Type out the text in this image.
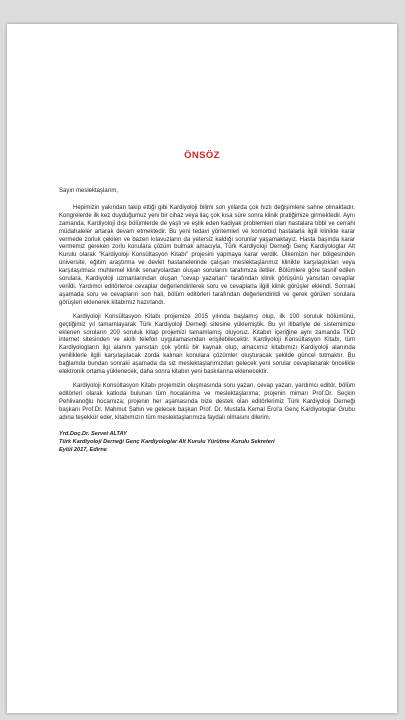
ÖNSÖZ

Sayın meslektaşlarım,

Hepimizin yakından takip ettiği gibi Kardiyoloji bilimi son yıllarda çok hızlı değişimlere sahne olmaktadır. Kongrelerde ilk kez duyduğumuz yeni bir cihaz veya ilaç çok kısa süre sonra klinik pratiğimize girmektedir. Aynı zamanda, Kardiyoloji dışı bölümlerde de yaşlı ve eşlik eden kadiyak problemleri olan hastalara tıbbi ve cerrahi müdahaleler artarak devam etmektedir. Bu yeni tedavi yöntemleri ve komorbid hastalarla ilgili klinikte karar vermede zorluk çekilen ve bazen kılavuzların da yetersiz kaldığı sorunlar yaşamaktayız. Hasta başında karar vermemiz gereken zorlu konulara çözüm bulmak amacıyla, Türk Kardiyoloji Derneği Genç Kardiyologlar Alt Kurulu olarak "Kardiyoloji Konsültasyon Kitabı" projesini yapmaya karar verdik. Ülkemizin her bölgesinden üniversite, eğitim araştırma ve devlet hastanelerinde çalışan meslektaşlarımız klinikte karşılaştıkları veya karşılaşılması muhtemel klinik senaryolardan oluşan sorularını tarafımıza iletiler. Bölümlere göre tasnif edilen sorulara, Kardiyoloji uzmanlarından oluşan "cevap yazarları" tarafından klinik görüşünü yansıtan cevaplar verildi. Yardımcı editörlerce cevaplar değerlendirilerek soru ve cevaplarla ilgili klinik görüşler eklendi. Sonraki aşamada soru ve cevapların son hali, bölüm editörleri tarafından değerlendirildi ve gerek görülen sorulara görüşleri eklenerek kitabımız hazırlandı.

Kardiyoloji Konsültasyon Kitabı projemize 2015 yılında başlamış olup, ilk 100 soruluk bölümünü, geçtiğimiz yıl tamamlayarak Türk Kardiyoloji Derneği sitesine yüklemiştik. Bu yıl itibariyle de sistemimize eklenen soruların 200 soruluk kitap projemizi tamamlamış oluyoruz. Kitabın içeriğine aynı zamanda TKD internet sitesinden ve akıllı telefon uygulamasından erişilebilecektir. Kardiyoloji Konsültasyon Kitabı, tüm Kardiyologların ilgi alanını yansıtan çok yönlü bir kaynak olup, amacımız kitabımızı Kardiyoloji alanında yeniliklerle ilgili karşılaşılacak zorda kalınan konulara çözümler oluşturacak şekilde güncel tutmaktır. Bu bağlamda bundan sonraki aşamada da siz meslektaşlarımızdan gelecek yeni sorular cevaplanarak öncelikle elektronik ortama yüklenecek, daha sonra kitabın yeni baskılarına eklenecektir.

Kardiyoloji Konsültasyon Kitabı projemizin oluşmasında soru yazarı, cevap yazarı, yardımcı editör, bölüm editörleri olarak katkıda bulunan tüm hocalarıma ve meslektaşlarıma; projenin mimarı Prof.Dr. Seçkin Pehlivanoğlu hocamıza; projenin her aşamasında bize destek olan editörlerimiz Türk Kardiyoloji Derneği başkanı Prof.Dr. Mahmut Şahin ve gelecek başkan Prof. Dr. Mustafa Kemal Erol'a Genç Kardiyologlar Grubu adına teşekkür eder, kitabımızın tüm meslektaşlarımıza faydalı olmasını dilerim.

Yrd.Doç.Dr. Servet ALTAY
Türk Kardiyoloji Derneği Genç Kardiyologlar Alt Kurulu Yürütme Kurulu Sekreteri
Eylül 2017, Edirne
